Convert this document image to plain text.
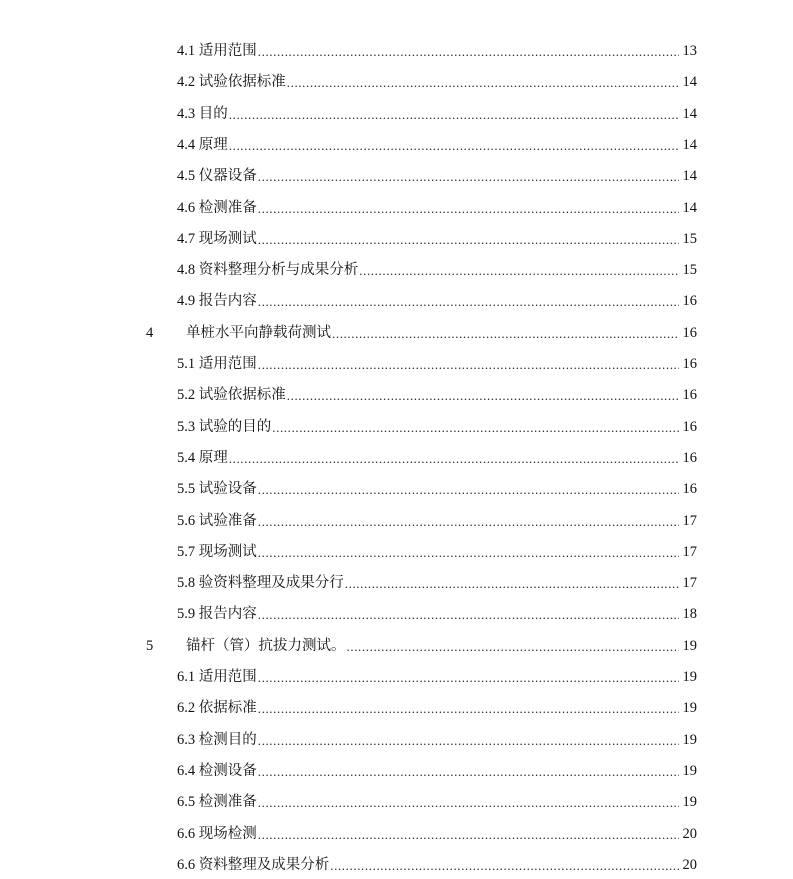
4.1 适用范围 .....	13
4.2 试验依据标准 .....	14
4.3 目的 .....	14
4.4 原理 .....	14
4.5 仪器设备 .....	14
4.6 检测准备 .....	14
4.7 现场测试 .....	15
4.8 资料整理分析与成果分析 .....	15
4.9 报告内容 .....	16
4 单桩水平向静载荷测试 .....	16
5.1 适用范围 .....	16
5.2 试验依据标准 .....	16
5.3 试验的目的 .....	16
5.4 原理 .....	16
5.5 试验设备 .....	16
5.6 试验准备 .....	17
5.7 现场测试 .....	17
5.8 验资料整理及成果分行 .....	17
5.9 报告内容 .....	18
5 锚杆（管）抗拔力测试。 .....	19
6.1 适用范围 .....	19
6.2 依据标准 .....	19
6.3 检测目的 .....	19
6.4 检测设备 .....	19
6.5 检测准备 .....	19
6.6 现场检测 .....	20
6.6 资料整理及成果分析 .....	20
